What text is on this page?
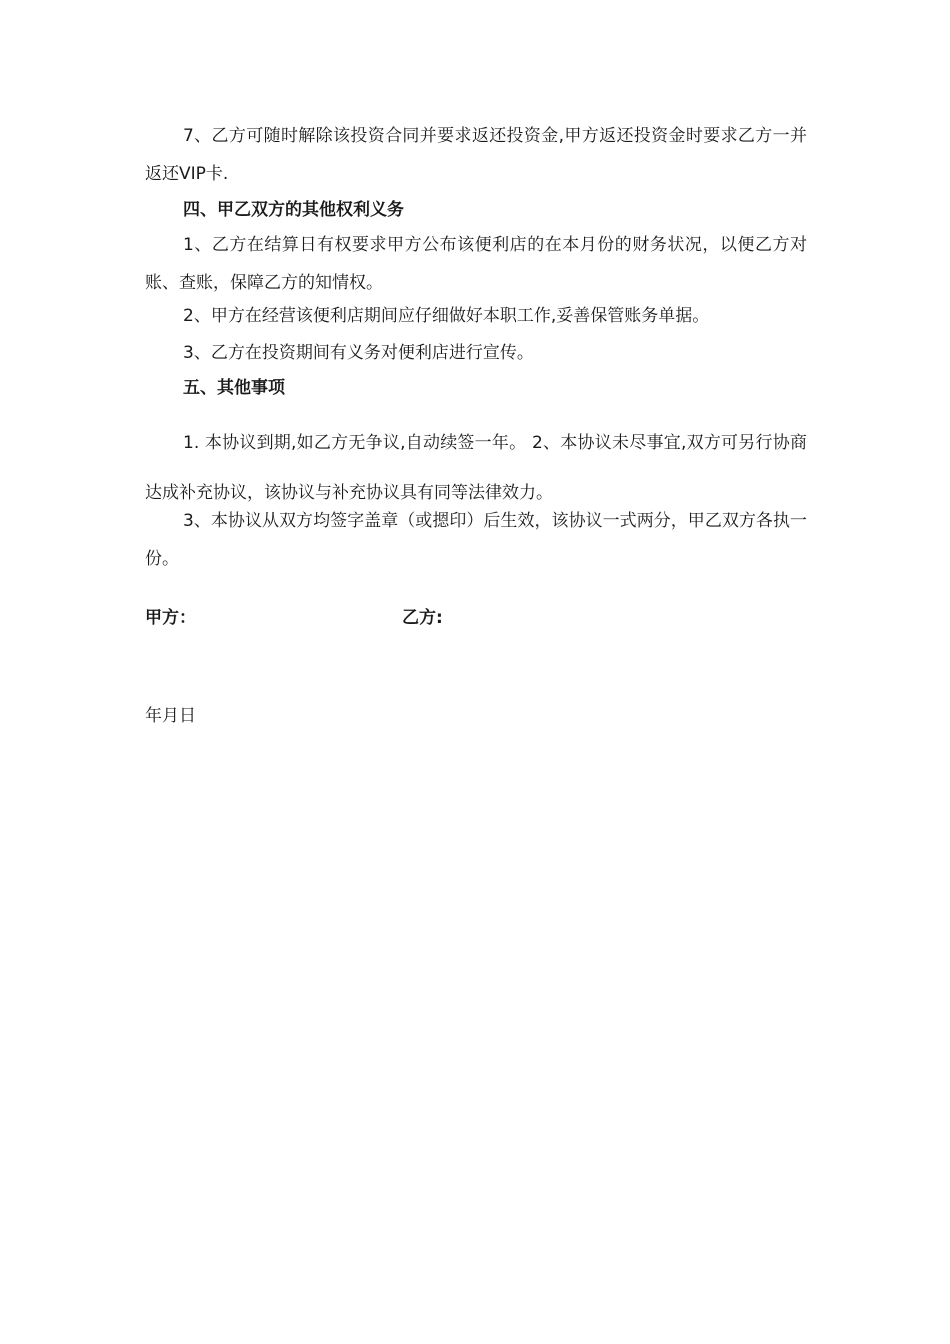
7、乙方可随时解除该投资合同并要求返还投资金,甲方返还投资金时要求乙方一并返还VIP卡.

四、甲乙双方的其他权利义务

1、乙方在结算日有权要求甲方公布该便利店的在本月份的财务状况，以便乙方对账、查账，保障乙方的知情权。

2、甲方在经营该便利店期间应仔细做好本职工作,妥善保管账务单据。

3、乙方在投资期间有义务对便利店进行宣传。

五、其他事项

1. 本协议到期,如乙方无争议,自动续签一年。 2、本协议未尽事宜,双方可另行协商达成补充协议，该协议与补充协议具有同等法律效力。

3、本协议从双方均签字盖章（或摁印）后生效，该协议一式两分，甲乙双方各执一份。

甲方：	乙方:
年月日
